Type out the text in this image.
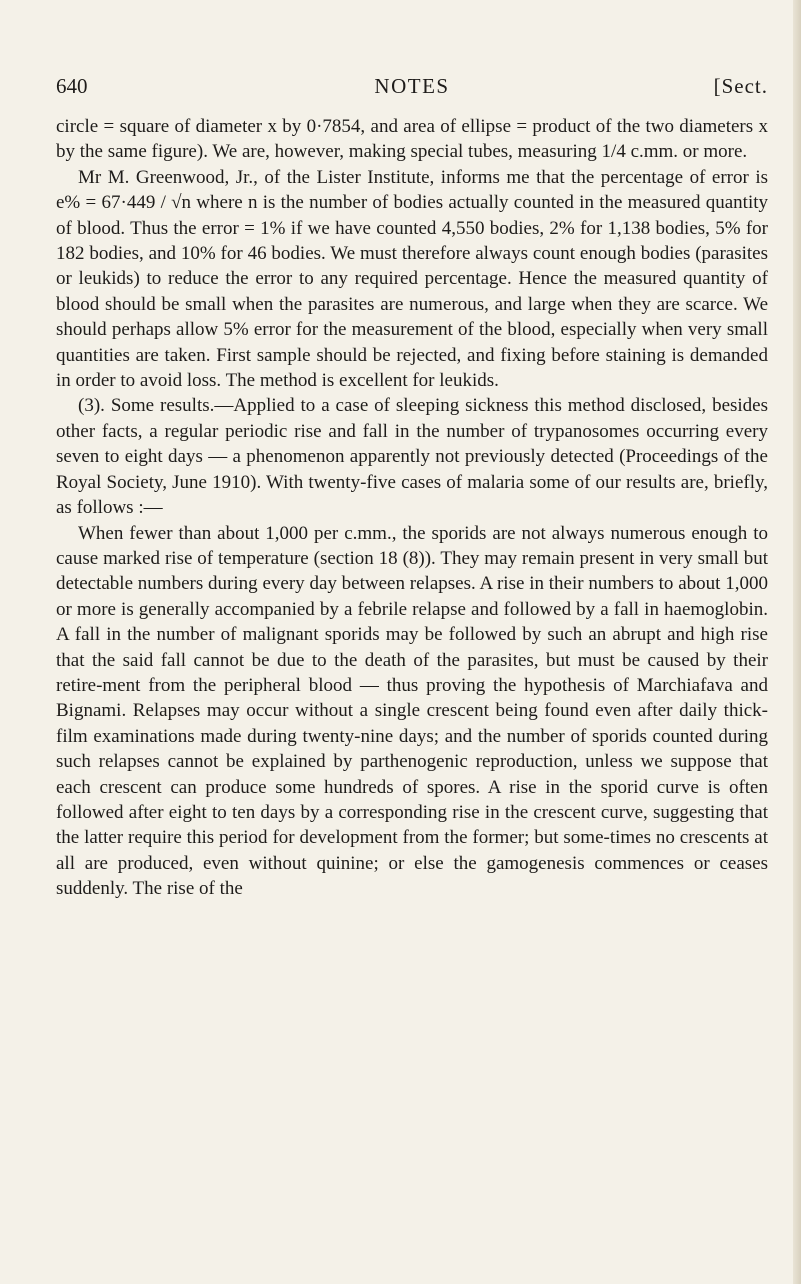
640	NOTES	[Sect.

circle = square of diameter x by 0·7854, and area of ellipse = product of the two diameters x by the same figure). We are, however, making special tubes, measuring 1/4 c.mm. or more.

Mr M. Greenwood, Jr., of the Lister Institute, informs me that the percentage of error is e% = 67·449 / √n where n is the number of bodies actually counted in the measured quantity of blood. Thus the error = 1% if we have counted 4,550 bodies, 2% for 1,138 bodies, 5% for 182 bodies, and 10% for 46 bodies. We must therefore always count enough bodies (parasites or leukids) to reduce the error to any required percentage. Hence the measured quantity of blood should be small when the parasites are numerous, and large when they are scarce. We should perhaps allow 5% error for the measurement of the blood, especially when very small quantities are taken. First sample should be rejected, and fixing before staining is demanded in order to avoid loss. The method is excellent for leukids.

(3). Some results.—Applied to a case of sleeping sickness this method disclosed, besides other facts, a regular periodic rise and fall in the number of trypanosomes occurring every seven to eight days — a phenomenon apparently not previously detected (Proceedings of the Royal Society, June 1910). With twenty-five cases of malaria some of our results are, briefly, as follows :—

When fewer than about 1,000 per c.mm., the sporids are not always numerous enough to cause marked rise of temperature (section 18 (8)). They may remain present in very small but detectable numbers during every day between relapses. A rise in their numbers to about 1,000 or more is generally accompanied by a febrile relapse and followed by a fall in haemoglobin. A fall in the number of malignant sporids may be followed by such an abrupt and high rise that the said fall cannot be due to the death of the parasites, but must be caused by their retire-ment from the peripheral blood — thus proving the hypothesis of Marchiafava and Bignami. Relapses may occur without a single crescent being found even after daily thick-film examinations made during twenty-nine days; and the number of sporids counted during such relapses cannot be explained by parthenogenic reproduction, unless we suppose that each crescent can produce some hundreds of spores. A rise in the sporid curve is often followed after eight to ten days by a corresponding rise in the crescent curve, suggesting that the latter require this period for development from the former; but some-times no crescents at all are produced, even without quinine; or else the gamogenesis commences or ceases suddenly. The rise of the
